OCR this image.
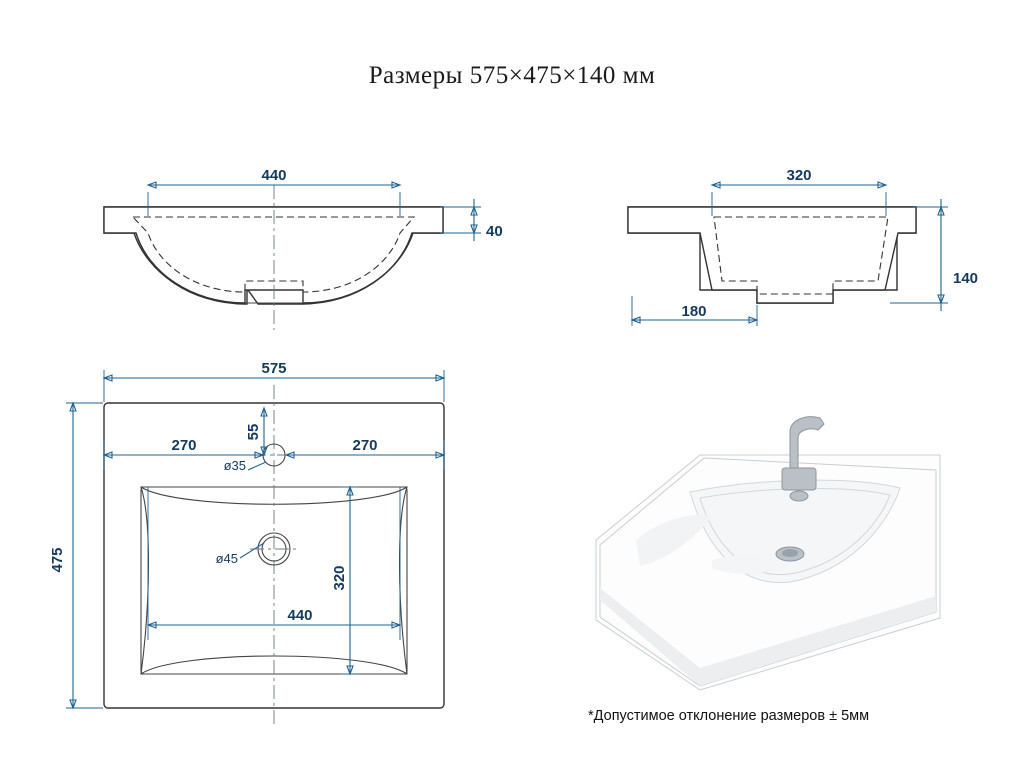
Размеры 575×475×140 мм
440
40
320
140
180
575
475
270	270
55
ø35
ø45
440
320
*Допустимое отклонение размеров ± 5мм
